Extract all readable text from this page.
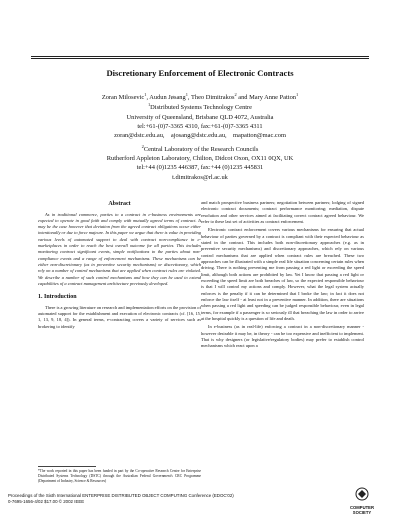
Discretionary Enforcement of Electronic Contracts
Zoran Milosevic$^1$, Audun Jøsang$^1$, Theo Dimitrakos$^2$ and Mary Anne Patton$^1$
$^1$Distributed Systems Technology Centre
University of Queensland, Brisbane QLD 4072, Australia
tel:+61-(0)7-3365 4310, fax:+61-(0)7-3365 4311
zoran@dstc.edu.au,    ajosang@dstc.edu.au,    mapatton@mac.com
$^2$Central Laboratory of the Research Councils
Rutherford Appleton Laboratory, Chilton, Didcot Oxon, OX11 0QX, UK
tel:+44 (0)1235 446387, fax:+44 (0)1235 445831
t.dimitrakos@rl.ac.uk
Abstract

As in traditional commerce, parties to a contract in e-business environments are expected to operate in good faith and comply with mutually agreed terms of contract. It may be the case however that deviation from the agreed contract obligations occur either intentionally or due to force majeure. In this paper we argue that there is value in providing various levels of automated support to deal with contract non-compliance in e-marketplaces in order to reach the best overall outcome for all parties. This includes monitoring contract significant events, simple notifications to the parties about non-compliance events and a range of enforcement mechanisms. These mechanisms can be either non-discretionary (as in preventive security mechanisms) or discretionary, which rely on a number of control mechanisms that are applied when contract rules are violated. We describe a number of such control mechanisms and how they can be used to extend capabilities of a contract management architecture previously developed.

1. Introduction

There is a growing literature on research and implementation efforts on the provision of automated support for the establishment and execution of electronic contracts (cf. [16, 15, 1, 13, 9, 18, 4]). In general terms, e-contracting covers a variety of services such as brokering to identify

*The work reported in this paper has been funded in part by the Co-operative Research Centre for Enterprise Distributed Systems Technology (DSTC) through the Australian Federal Government's CRC Programme (Department of Industry, Science & Resources)

and match prospective business partners; negotiation between partners; lodging of signed electronic contract documents; contract performance monitoring; mediation, dispute resolution and other services aimed at facilitating correct contract agreed behaviour. We refer to these last set of activities as contract enforcement.

Electronic contract enforcement covers various mechanisms for ensuring that actual behaviour of parties governed by a contract is compliant with their expected behaviour as stated in the contract. This includes both non-discretionary approaches (e.g. as in preventive security mechanisms) and discretionary approaches, which rely on various control mechanisms that are applied when contract rules are breached. These two approaches can be illustrated with a simple real life situation concerning certain rules when driving. There is nothing preventing me from passing a red light or exceeding the speed limit, although both actions are prohibited by law. Yet I know that passing a red light or exceeding the speed limit are both breaches of law, so the expected responsible behaviour is that I will control my actions and comply. However, what the legal system actually enforces is the penalty if it can be determined that I broke the law; in fact it does not enforce the law itself - at least not in a preventive manner. In addition, there are situations when passing a red light and speeding can be judged responsible behaviour, even in legal terms, for example if a passenger is so seriously ill that breaching the law in order to arrive at the hospital quickly is a question of life and death.

In e-business (as in real-life) enforcing a contract in a non-discretionary manner - however desirable it may be, in theory - can be too expensive and inefficient to implement. That is why designers (or legislative/regulatory bodies) may prefer to establish control mechanisms which react upon a

Proceedings of the Sixth International ENTERPRISE DISTRIBUTED OBJECT COMPUTING Conference (EDOC'02)
0-7695-1656-4/02 $17.00 © 2002 IEEE
COMPUTER
SOCIETY
